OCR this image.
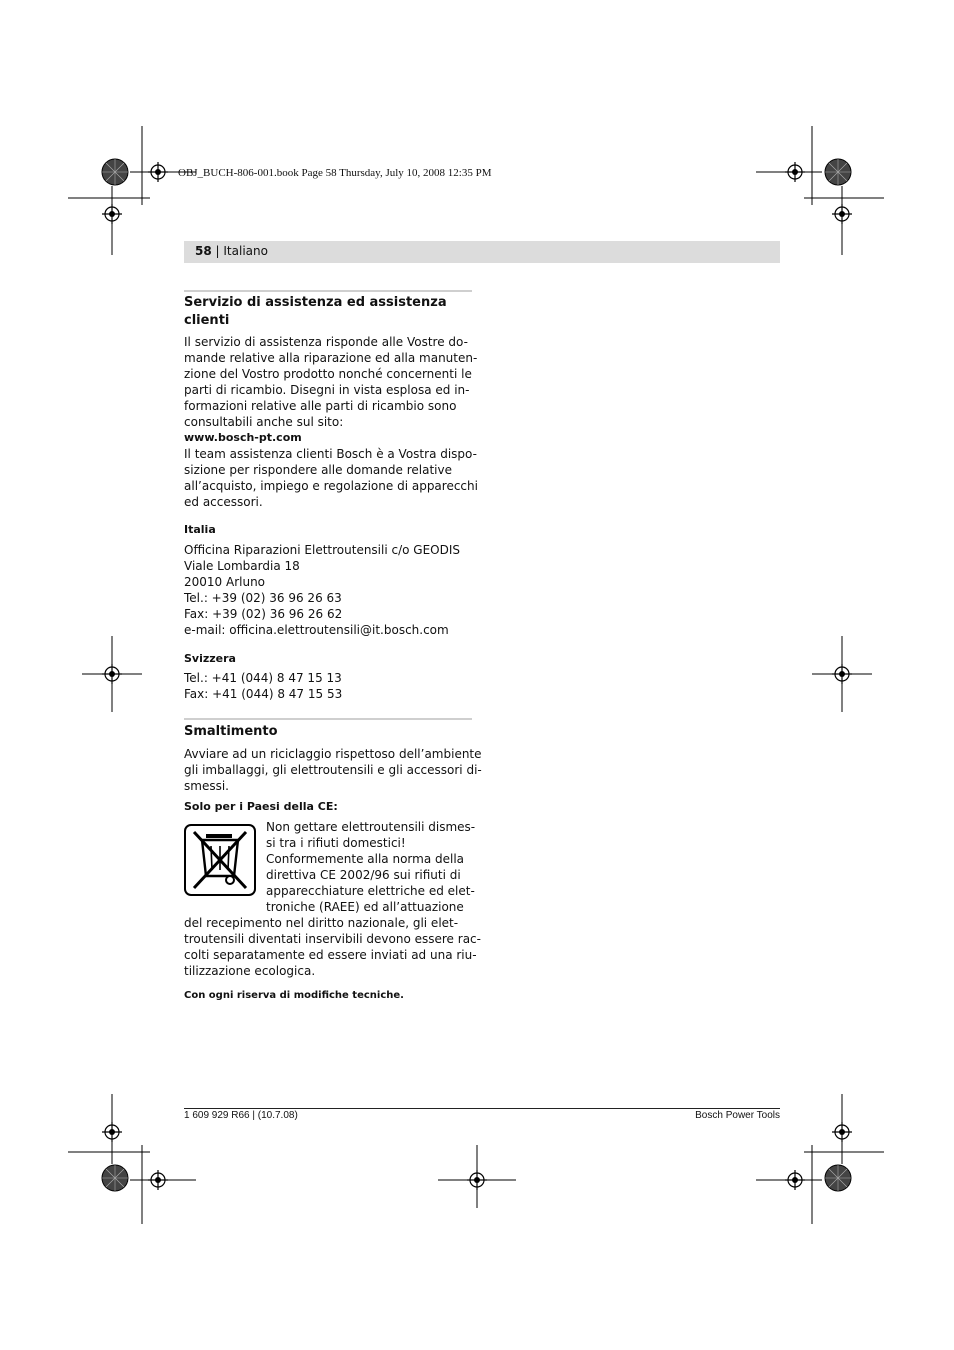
OBJ_BUCH-806-001.book Page 58 Thursday, July 10, 2008 12:35 PM
58 | Italiano
Servizio di assistenza ed assistenza
clienti
Il servizio di assistenza risponde alle Vostre do-
mande relative alla riparazione ed alla manuten-
zione del Vostro prodotto nonché concernenti le
parti di ricambio. Disegni in vista esplosa ed in-
formazioni relative alle parti di ricambio sono
consultabili anche sul sito:
www.bosch-pt.com
Il team assistenza clienti Bosch è a Vostra dispo-
sizione per rispondere alle domande relative
all’acquisto, impiego e regolazione di apparecchi
ed accessori.
Italia
Officina Riparazioni Elettroutensili c/o GEODIS
Viale Lombardia 18
20010 Arluno
Tel.: +39 (02) 36 96 26 63
Fax: +39 (02) 36 96 26 62
e-mail: officina.elettroutensili@it.bosch.com
Svizzera
Tel.: +41 (044) 8 47 15 13
Fax: +41 (044) 8 47 15 53
Smaltimento
Avviare ad un riciclaggio rispettoso dell’ambiente
gli imballaggi, gli elettroutensili e gli accessori di-
smessi.
Solo per i Paesi della CE:
Non gettare elettroutensili dismes-
si tra i rifiuti domestici!
Conformemente alla norma della
direttiva CE 2002/96 sui rifiuti di
apparecchiature elettriche ed elet-
troniche (RAEE) ed all’attuazione
del recepimento nel diritto nazionale, gli elet-
troutensili diventati inservibili devono essere rac-
colti separatamente ed essere inviati ad una riu-
tilizzazione ecologica.
Con ogni riserva di modifiche tecniche.
1 609 929 R66 | (10.7.08)	Bosch Power Tools
